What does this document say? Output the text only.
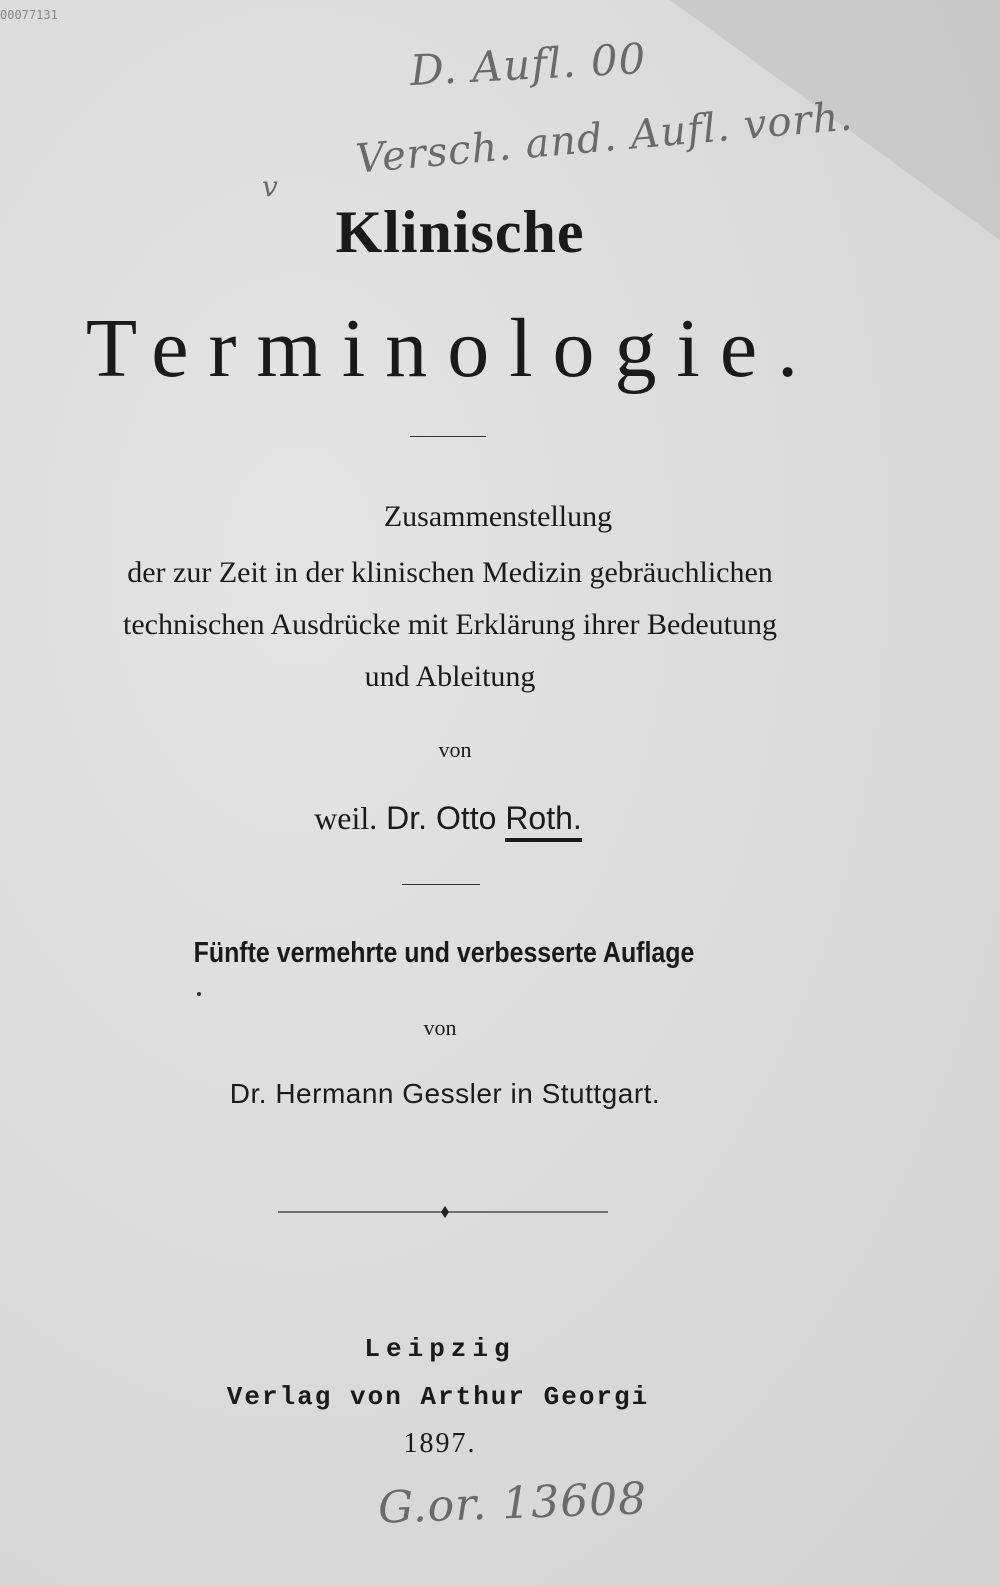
00077131
D. Aufl. 00
Versch. and. Aufl. vorh.
v
Klinische
Terminologie.
Zusammenstellung
der zur Zeit in der klinischen Medizin gebräuchlichen
technischen Ausdrücke mit Erklärung ihrer Bedeutung
und Ableitung
von
weil. Dr. Otto Roth.
Fünfte vermehrte und verbesserte Auflage
von
Dr. Hermann Gessler in Stuttgart.
Leipzig
Verlag von Arthur Georgi
1897.
G.or. 13608
